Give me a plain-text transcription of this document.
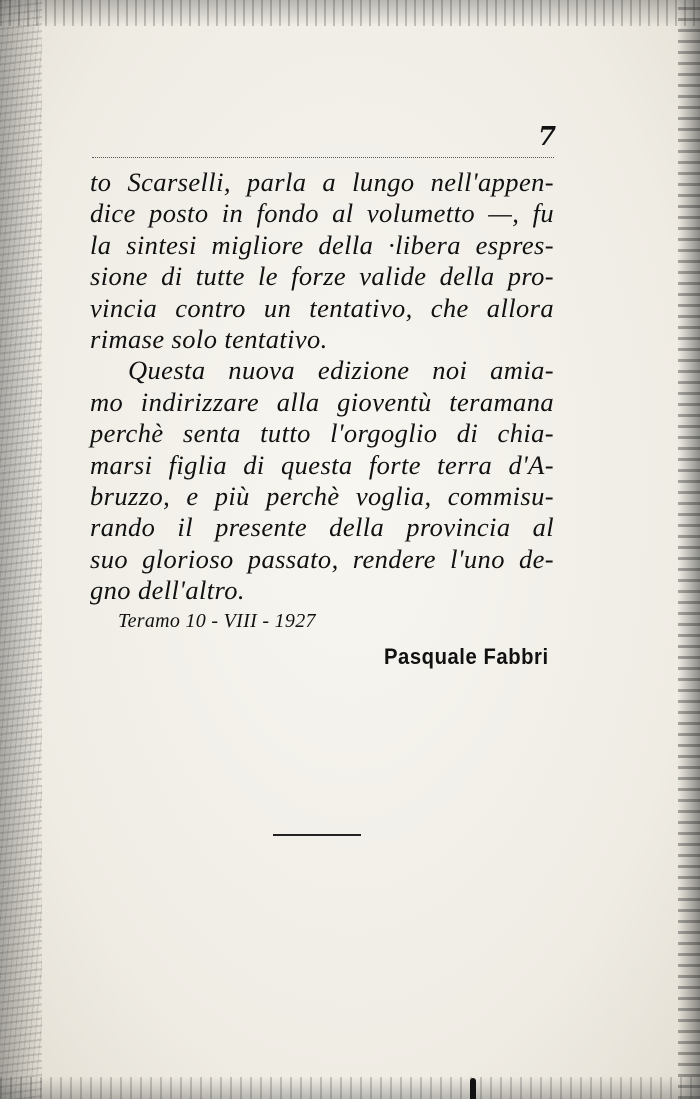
7
to Scarselli, parla a lungo nell'appen-
dice posto in fondo al volumetto —, fu
la sintesi migliore della ·libera espres-
sione di tutte le forze valide della pro-
vincia contro un tentativo, che allora
rimase solo tentativo.
Questa nuova edizione noi amia-
mo indirizzare alla gioventù teramana
perchè senta tutto l'orgoglio di chia-
marsi figlia di questa forte terra d'A-
bruzzo, e più perchè voglia, commisu-
rando il presente della provincia al
suo glorioso passato, rendere l'uno de-
gno dell'altro.
Teramo 10 - VIII - 1927
Pasquale Fabbri
